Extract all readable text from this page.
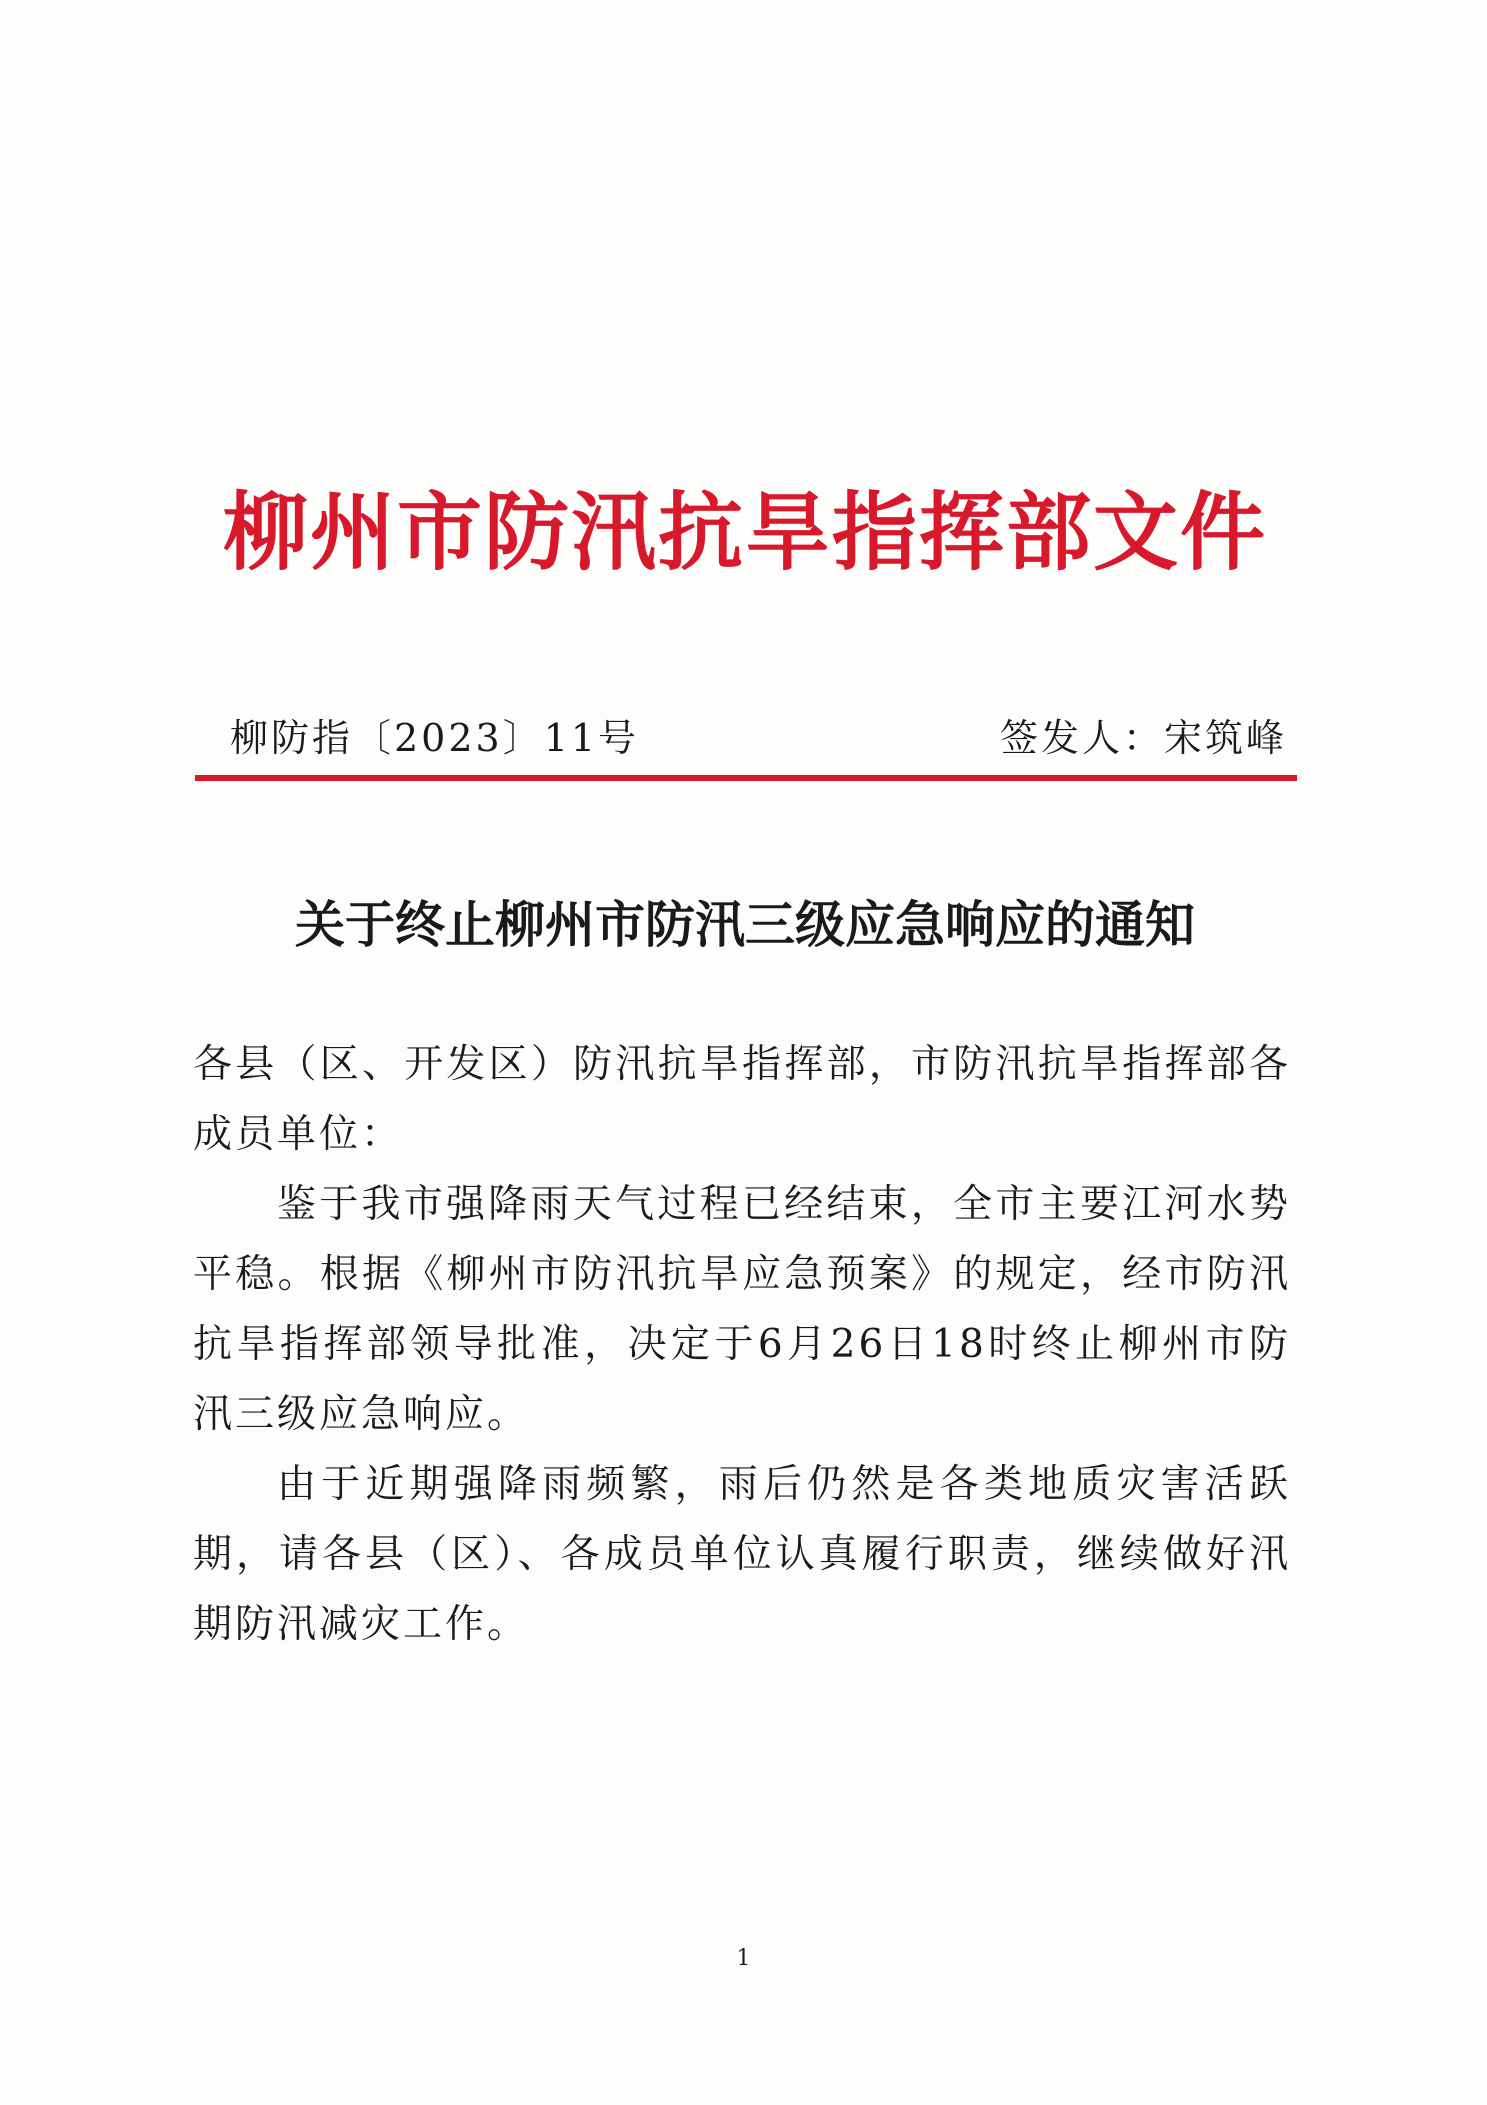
柳州市防汛抗旱指挥部文件
柳防指〔2023〕11号	签发人：宋筑峰
关于终止柳州市防汛三级应急响应的通知

各县（区、开发区）防汛抗旱指挥部，市防汛抗旱指挥部各成员单位：

鉴于我市强降雨天气过程已经结束，全市主要江河水势平稳。根据《柳州市防汛抗旱应急预案》的规定，经市防汛抗旱指挥部领导批准，决定于6月26日18时终止柳州市防汛三级应急响应。

由于近期强降雨频繁，雨后仍然是各类地质灾害活跃期，请各县（区）、各成员单位认真履行职责，继续做好汛期防汛减灾工作。

1
